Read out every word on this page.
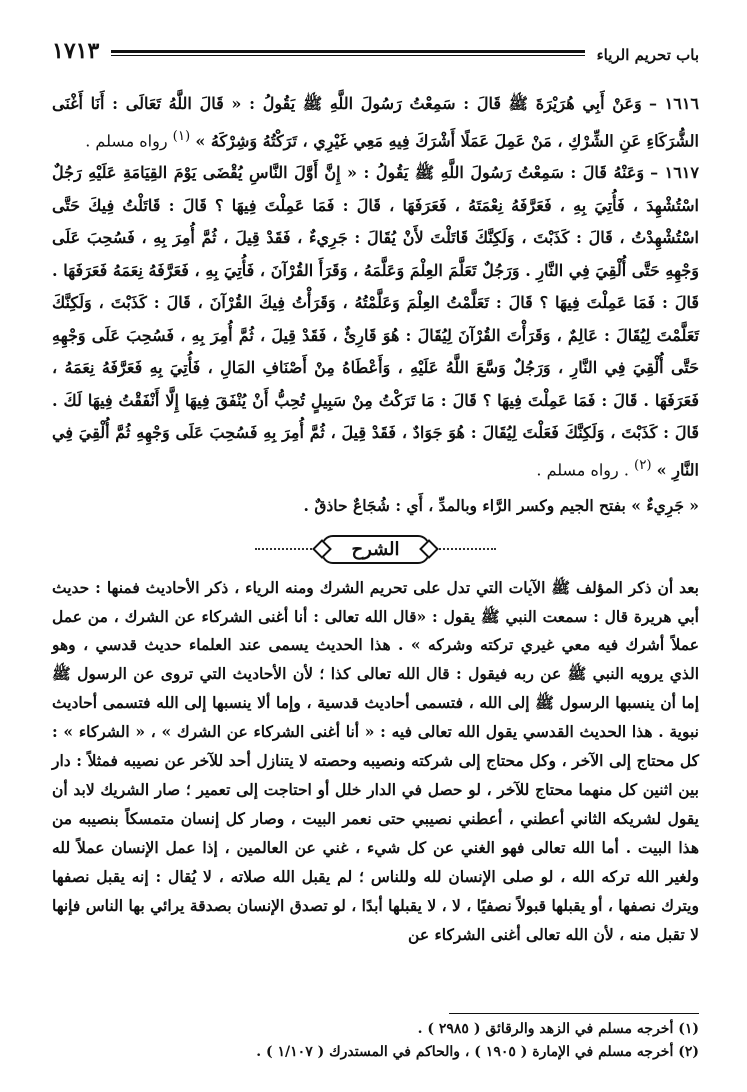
باب تحريم الرياء
١٧١٣

١٦١٦ – وَعَنْ أَبِي هُرَيْرَةَ ﷺ قَالَ : سَمِعْتُ رَسُولَ اللَّهِ ﷺ يَقُولُ : « قَالَ اللَّهُ تَعَالَى : أَنَا أَغْنَى الشُّرَكَاءِ عَنِ الشِّرْكِ ، مَنْ عَمِلَ عَمَلًا أَشْرَكَ فِيهِ مَعِي غَيْرِي ، تَرَكْتُهُ وَشِرْكَهُ » $^{(١)}$ رواه مسلم .

١٦١٧ – وَعَنْهُ قَالَ : سَمِعْتُ رَسُولَ اللَّهِ ﷺ يَقُولُ : « إِنَّ أَوَّلَ النَّاسِ يُقْضَى يَوْمَ القِيَامَةِ عَلَيْهِ رَجُلٌ اسْتُشْهِدَ ، فَأُتِيَ بِهِ ، فَعَرَّفَهُ نِعْمَتَهُ ، فَعَرَفَهَا ، قَالَ : فَمَا عَمِلْتَ فِيهَا ؟ قَالَ : قَاتَلْتُ فِيكَ حَتَّى اسْتُشْهِدْتُ ، قَالَ : كَذَبْتَ ، وَلَكِنَّكَ قَاتَلْتَ لأَنْ يُقَالَ : جَرِيءٌ ، فَقَدْ قِيلَ ، ثُمَّ أُمِرَ بِهِ ، فَسُحِبَ عَلَى وَجْهِهِ حَتَّى أُلْقِيَ فِي النَّارِ . وَرَجُلٌ تَعَلَّمَ العِلْمَ وَعَلَّمَهُ ، وَقَرَأَ القُرْآنَ ، فَأُتِيَ بِهِ ، فَعَرَّفَهُ نِعَمَهُ فَعَرَفَهَا . قَالَ : فَمَا عَمِلْتَ فِيهَا ؟ قَالَ : تَعَلَّمْتُ العِلْمَ وَعَلَّمْتُهُ ، وَقَرَأْتُ فِيكَ القُرْآنَ ، قَالَ : كَذَبْتَ ، وَلَكِنَّكَ تَعَلَّمْتَ لِيُقَالَ : عَالِمٌ ، وَقَرَأْتَ القُرْآنَ لِيُقَالَ : هُوَ قَارِئٌ ، فَقَدْ قِيلَ ، ثُمَّ أُمِرَ بِهِ ، فَسُحِبَ عَلَى وَجْهِهِ حَتَّى أُلْقِيَ فِي النَّارِ ، وَرَجُلٌ وَسَّعَ اللَّهُ عَلَيْهِ ، وَأَعْطَاهُ مِنْ أَصْنَافِ المَالِ ، فَأُتِيَ بِهِ فَعَرَّفَهُ نِعَمَهُ ، فَعَرَفَهَا . قَالَ : فَمَا عَمِلْتَ فِيهَا ؟ قَالَ : مَا تَرَكْتُ مِنْ سَبِيلٍ تُحِبُّ أَنْ يُنْفَقَ فِيهَا إِلَّا أَنْفَقْتُ فِيهَا لَكَ . قَالَ : كَذَبْتَ ، وَلَكِنَّكَ فَعَلْتَ لِيُقَالَ : هُوَ جَوَادٌ ، فَقَدْ قِيلَ ، ثُمَّ أُمِرَ بِهِ فَسُحِبَ عَلَى وَجْهِهِ ثُمَّ أُلْقِيَ فِي النَّارِ » $^{(٢)}$ . رواه مسلم .

« جَرِيءٌ » بفتح الجيم وكسر الرَّاء وبالمدِّ ، أَي : شُجَاعٌ حاذقٌ .
الشرح

بعد أن ذكر المؤلف ﷺ الآيات التي تدل على تحريم الشرك ومنه الرياء ، ذكر الأحاديث فمنها : حديث أبي هريرة قال : سمعت النبي ﷺ يقول : «قال الله تعالى : أنا أغنى الشركاء عن الشرك ، من عمل عملاً أشرك فيه معي غيري تركته وشركه » . هذا الحديث يسمى عند العلماء حديث قدسي ، وهو الذي يرويه النبي ﷺ عن ربه فيقول : قال الله تعالى كذا ؛ لأن الأحاديث التي تروى عن الرسول ﷺ إما أن ينسبها الرسول ﷺ إلى الله ، فتسمى أحاديث قدسية ، وإما ألا ينسبها إلى الله فتسمى أحاديث نبوية . هذا الحديث القدسي يقول الله تعالى فيه : « أنا أغنى الشركاء عن الشرك » ، « الشركاء » : كل محتاج إلى الآخر ، وكل محتاج إلى شركته ونصيبه وحصته لا يتنازل أحد للآخر عن نصيبه فمثلاً : دار بين اثنين كل منهما محتاج للآخر ، لو حصل في الدار خلل أو احتاجت إلى تعمير ؛ صار الشريك لابد أن يقول لشريكه الثاني أعطني ، أعطني نصيبي حتى نعمر البيت ، وصار كل إنسان متمسكاً بنصيبه من هذا البيت . أما الله تعالى فهو الغني عن كل شيء ، غني عن العالمين ، إذا عمل الإنسان عملاً لله ولغير الله تركه الله ، لو صلى الإنسان لله وللناس ؛ لم يقبل الله صلاته ، لا يُقال : إنه يقبل نصفها ويترك نصفها ، أو يقبلها قبولاً نصفيًا ، لا ، لا يقبلها أبدًا ، لو تصدق الإنسان بصدقة يرائي بها الناس فإنها لا تقبل منه ، لأن الله تعالى أغنى الشركاء عن

(١) أخرجه مسلم في الزهد والرقائق ( ٢٩٨٥ ) .
(٢) أخرجه مسلم في الإمارة ( ١٩٠٥ ) ، والحاكم في المستدرك ( ١/١٠٧ ) .
